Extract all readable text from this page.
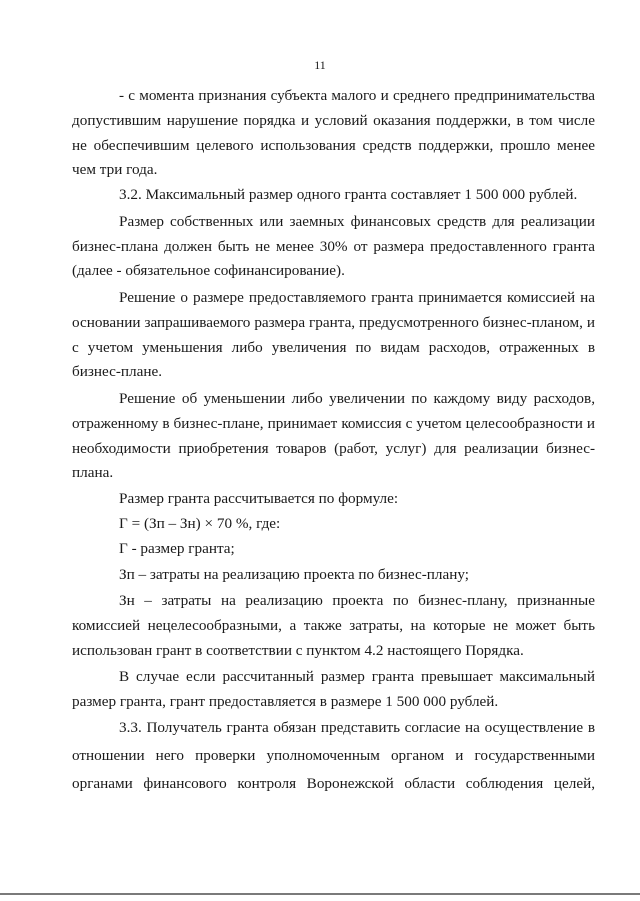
11
- с момента признания субъекта малого и среднего предпринимательства
допустившим нарушение порядка и условий оказания поддержки, в том числе
не обеспечившим целевого использования средств поддержки, прошло менее
чем три года.
3.2. Максимальный размер одного гранта составляет 1 500 000 рублей.
Размер собственных или заемных финансовых средств для реализации
бизнес-плана должен быть не менее 30% от размера предоставленного гранта
(далее - обязательное софинансирование).
Решение о размере предоставляемого гранта принимается комиссией на
основании запрашиваемого размера гранта, предусмотренного бизнес-планом, и
с учетом уменьшения либо увеличения по видам расходов, отраженных в
бизнес-плане.
Решение об уменьшении либо увеличении по каждому виду расходов,
отраженному в бизнес-плане, принимает комиссия с учетом целесообразности и
необходимости приобретения товаров (работ, услуг) для реализации бизнес-
плана.
Размер гранта рассчитывается по формуле:
Г = (Зп – Зн) × 70 %, где:
Г - размер гранта;
Зп – затраты на реализацию проекта по бизнес-плану;
Зн – затраты на реализацию проекта по бизнес-плану, признанные
комиссией нецелесообразными, а также затраты, на которые не может быть
использован грант в соответствии с пунктом 4.2 настоящего Порядка.
В случае если рассчитанный размер гранта превышает максимальный
размер гранта, грант предоставляется в размере 1 500 000 рублей.
3.3. Получатель гранта обязан представить согласие на осуществление в
отношении него проверки уполномоченным органом и государственными
органами финансового контроля Воронежской области соблюдения целей,
